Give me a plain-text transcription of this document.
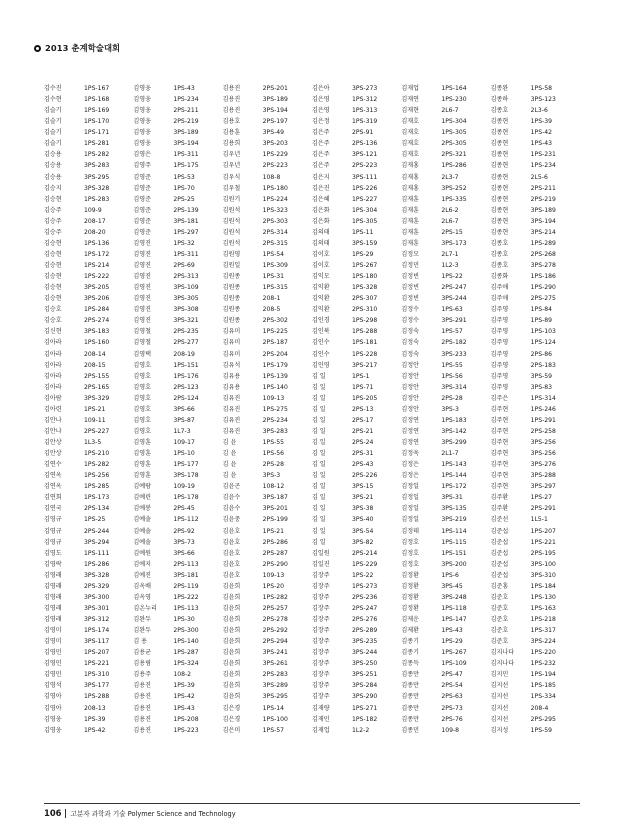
2013 춘계학술대회
김수진	1PS-167	김영웅	1PS-43	김용진	2PS-201	김은아	3PS-273	김재업	1PS-164	김종완	1PS-58
김수현	1PS-168	김영웅	1PS-234	김용진	3PS-189	김은영	1PS-312	김재연	1PS-230	김종하	3PS-123
김슬기	1PS-169	김영웅	2PS-211	김용진	3PS-194	김은영	1PS-313	김재현	2L6-7	김종호	2L3-6
김슬기	1PS-170	김영웅	2PS-219	김용호	2PS-197	김은정	1PS-319	김재호	1PS-304	김종현	1PS-39
김슬기	1PS-171	김영웅	3PS-189	김용훈	3PS-49	김은주	2PS-91	김재호	1PS-305	김종현	1PS-42
김슬기	1PS-281	김영웅	3PS-194	김용희	3PS-203	김은주	2PS-136	김재호	2PS-305	김종현	1PS-43
김승용	1PS-282	김영은	1PS-311	김우년	1PS-229	김은주	3PS-121	김재호	2PS-321	김종현	1PS-231
김승용	3PS-283	김영주	1PS-175	김우년	2PS-223	김은주	2PS-223	김재홍	1PS-286	김종현	1PS-234
김승용	3PS-295	김영준	1PS-53	김우식	108-8	김은지	3PS-111	김재홍	2L3-7	김종현	2L5-6
김승지	3PS-328	김영준	1PS-70	김우철	1PS-180	김은진	1PS-226	김재홍	3PS-252	김종현	2PS-211
김승현	1PS-283	김영준	2PS-25	김원기	1PS-224	김은혜	1PS-227	김재훈	1PS-335	김종현	2PS-219
김승주	109-9	김영준	2PS-139	김원석	1PS-323	김은화	1PS-304	김재훈	2L6-2	김종현	3PS-189
김승주	208-17	김영준	3PS-181	김원석	2PS-303	김은화	1PS-305	김재훈	2L6-7	김종현	3PS-194
김승주	208-20	김영준	1PS-297	김원석	2PS-314	김의태	1PS-11	김재훈	2PS-15	김종현	3PS-214
김승현	1PS-136	김영진	1PS-32	김원석	2PS-315	김의태	3PS-159	김재훈	3PS-173	김종호	1PS-289
김승현	1PS-172	김영진	1PS-311	김원영	1PS-54	김이호	1PS-29	김정모	2L7-1	김종호	2PS-268
김승현	1PS-214	김영진	2PS-69	김원일	1PS-309	김이호	1PS-267	김정민	1L2-3	김종호	3PS-278
김승현	1PS-222	김영진	2PS-313	김원종	1PS-31	김익모	1PS-180	김정빈	1PS-22	김종화	1PS-186
김승현	3PS-205	김영진	3PS-109	김원종	1PS-315	김익환	1PS-328	김정빈	2PS-247	김주애	1PS-290
김승현	3PS-206	김영진	3PS-305	김원종	208-1	김익환	2PS-307	김정빈	3PS-244	김주애	2PS-275
김승호	1PS-284	김영진	3PS-308	김원종	208-5	김익환	2PS-310	김정수	1PS-63	김주영	1PS-84
김승호	2PS-274	김영진	3PS-321	김원종	2PS-302	김인경	1PS-298	김정수	3PS-291	김주영	1PS-89
김신현	3PS-183	김영철	2PS-235	김유미	1PS-225	김인북	1PS-288	김정숙	1PS-57	김주영	1PS-103
김아라	1PS-160	김영철	2PS-277	김유미	2PS-187	김인수	1PS-181	김정숙	2PS-182	김주영	1PS-124
김아라	208-14	김영택	208-19	김유미	2PS-204	김인수	1PS-228	김정숙	3PS-233	김주영	2PS-86
김아라	208-15	김영호	1PS-151	김유석	1PS-179	김인영	3PS-217	김정안	1PS-55	김주영	2PS-183
김아라	2PS-155	김영호	1PS-176	김유용	1PS-139	김 일	1PS-1	김정안	1PS-56	김주영	3PS-59
김아라	2PS-165	김영호	2PS-123	김유용	1PS-140	김 일	1PS-71	김정안	3PS-314	김주영	3PS-83
김아람	3PS-329	김영호	2PS-124	김유진	109-13	김 일	1PS-205	김정안	2PS-28	김주은	1PS-314
김아련	1PS-21	김영호	3PS-66	김유진	1PS-275	김 일	2PS-13	김정안	3PS-3	김주현	1PS-246
김안나	109-11	김영호	3PS-87	김유진	2PS-234	김 일	2PS-17	김정연	1PS-183	김주현	1PS-291
김안나	2PS-227	김영호	1L7-3	김유진	3PS-283	김 일	2PS-21	김정연	3PS-142	김주현	2PS-258
김안상	1L3-5	김영훈	109-17	김 윤	1PS-55	김 일	2PS-24	김정연	3PS-299	김주현	3PS-256
김안상	1PS-210	김영훈	1PS-10	김 윤	1PS-56	김 일	2PS-31	김정욱	2L1-7	김주현	3PS-256
김연수	1PS-282	김영훈	1PS-177	김 윤	2PS-28	김 일	2PS-43	김정은	1PS-143	김주현	3PS-276
김연옥	1PS-256	김영훈	3PS-178	김 윤	3PS-3	김 일	2PS-226	김정은	1PS-144	김주현	3PS-288
김연옥	1PS-285	김예람	109-19	김윤곤	108-12	김 일	3PS-15	김정일	1PS-172	김주현	3PS-297
김연회	1PS-173	김예린	1PS-178	김윤수	3PS-187	김 일	3PS-21	김정일	3PS-31	김주환	1PS-27
김연국	2PS-134	김예봉	2PS-45	김윤수	3PS-201	김 일	3PS-38	김정일	3PS-135	김주환	2PS-291
김영규	1PS-25	김예솔	1PS-112	김윤중	2PS-199	김 일	3PS-40	김정일	3PS-219	김준선	1L5-1
김영규	2PS-244	김예솔	2PS-92	김윤호	1PS-21	김 일	3PS-54	김정태	1PS-114	김준섭	1PS-207
김영규	3PS-294	김예솔	3PS-73	김윤호	2PS-286	김 일	3PS-82	김정호	1PS-115	김준섭	1PS-221
김영도	1PS-111	김예원	3PS-66	김윤호	2PS-287	김일원	2PS-214	김정호	1PS-151	김준섭	2PS-195
김영락	1PS-286	김예지	2PS-113	김윤호	2PS-290	김일진	1PS-229	김정호	3PS-200	김준섭	3PS-100
김영래	3PS-328	김예진	3PS-181	김윤호	109-13	김장주	1PS-22	김정환	1PS-6	김준섭	3PS-310
김영래	2PS-329	김옥배	2PS-119	김윤희	1PS-20	김장주	1PS-273	김정환	3PS-45	김준홍	1PS-184
김영래	3PS-300	김옥영	1PS-222	김윤희	1PS-282	김장주	2PS-236	김정환	3PS-248	김준호	1PS-130
김영래	3PS-301	김온누리	1PS-113	김윤희	2PS-257	김장주	2PS-247	김정환	1PS-118	김준호	1PS-163
김영래	3PS-312	김완두	1PS-30	김윤희	2PS-278	김장주	2PS-276	김제운	1PS-147	김준호	1PS-218
김영미	1PS-174	김완두	2PS-300	김윤희	2PS-292	김장주	2PS-289	김제환	1PS-43	김준호	1PS-317
김영미	3PS-117	김 용	1PS-140	김윤희	2PS-294	김장주	3PS-235	김종기	1PS-29	김준호	3PS-224
김영민	1PS-207	김용균	1PS-287	김윤희	3PS-241	김장주	3PS-244	김종기	1PS-267	김지나다	1PS-220
김영민	1PS-221	김용림	1PS-324	김윤희	3PS-261	김장주	3PS-250	김종득	1PS-109	김지나다	1PS-232
김영민	1PS-310	김용주	108-2	김윤희	2PS-283	김장주	3PS-251	김종만	2PS-47	김지민	1PS-194
김영석	3PS-177	김용진	1PS-39	김윤희	3PS-289	김장주	3PS-284	김종만	2PS-54	김지선	1PS-185
김영아	1PS-288	김용진	1PS-42	김윤희	3PS-295	김장주	3PS-290	김종만	2PS-63	김지선	1PS-334
김영아	208-13	김용진	1PS-43	김은경	1PS-14	김재량	1PS-271	김종만	2PS-73	김지선	208-4
김영웅	1PS-39	김용진	1PS-208	김은경	1PS-100	김재민	1PS-182	김종만	2PS-76	김지선	2PS-295
김영웅	1PS-42	김용진	1PS-223	김은미	1PS-57	김재업	1L2-2	김종민	109-8	김지성	1PS-59
106 고분자 과학과 기술 Polymer Science and Technology
